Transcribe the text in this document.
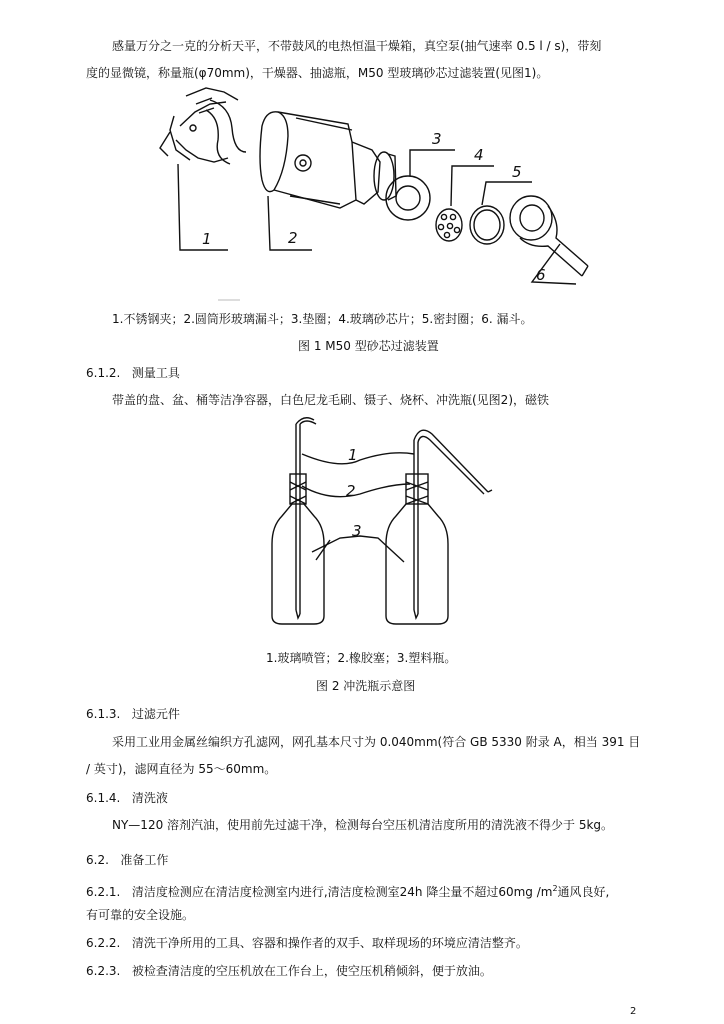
感量万分之一克的分析天平，不带鼓风的电热恒温干燥箱，真空泵(抽气速率 0.5 l / s)，带刻

度的显微镜，称量瓶(φ70mm)，干燥器、抽滤瓶，M50 型玻璃砂芯过滤装置(见图1)。

1	2
3
4
5
6

1.不锈钢夹；2.圆筒形玻璃漏斗；3.垫圈；4.玻璃砂芯片；5.密封圈；6. 漏斗。

图 1 M50 型砂芯过滤装置

6.1.2. 测量工具

带盖的盘、盆、桶等洁净容器，白色尼龙毛刷、镊子、烧杯、冲洗瓶(见图2)，磁铁

1
2
3

1.玻璃喷管；2.橡胶塞；3.塑料瓶。

图 2 冲洗瓶示意图

6.1.3. 过滤元件

采用工业用金属丝编织方孔滤网，网孔基本尺寸为 0.040mm(符合 GB 5330 附录 A，相当 391 目

/ 英寸)，滤网直径为 55～60mm。

6.1.4. 清洗液

NY—120 溶剂汽油，使用前先过滤干净，检测每台空压机清洁度所用的清洗液不得少于 5kg。

6.2. 准备工作

6.2.1. 清洁度检测应在清洁度检测室内进行,清洁度检测室24h 降尘量不超过60mg $/m^2$通风良好,

有可靠的安全设施。

6.2.2. 清洗干净所用的工具、容器和操作者的双手、取样现场的环境应清洁整齐。

6.2.3. 被检查清洁度的空压机放在工作台上，使空压机稍倾斜，便于放油。

2
